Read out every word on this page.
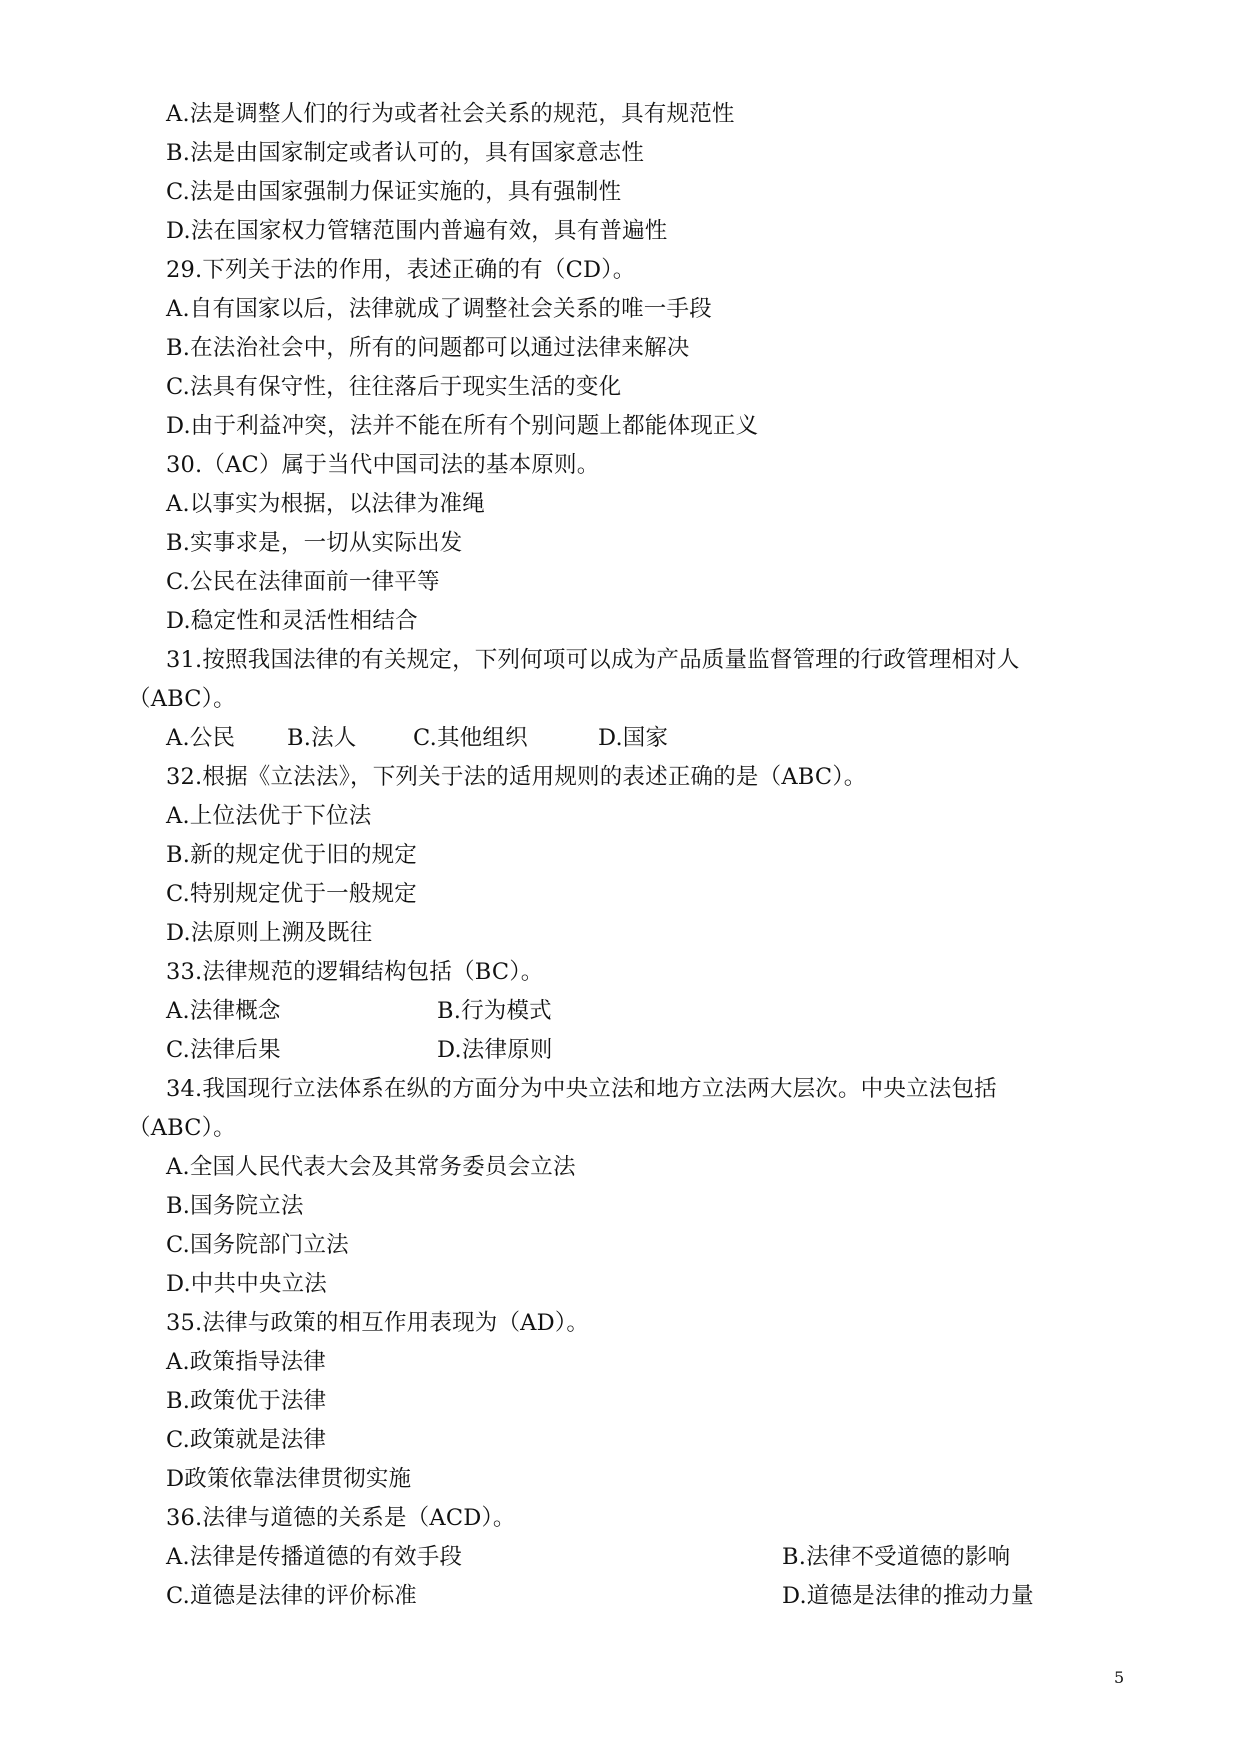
A.法是调整人们的行为或者社会关系的规范，具有规范性
B.法是由国家制定或者认可的，具有国家意志性
C.法是由国家强制力保证实施的，具有强制性
D.法在国家权力管辖范围内普遍有效，具有普遍性
29.下列关于法的作用，表述正确的有（CD）。
A.自有国家以后，法律就成了调整社会关系的唯一手段
B.在法治社会中，所有的问题都可以通过法律来解决
C.法具有保守性，往往落后于现实生活的变化
D.由于利益冲突，法并不能在所有个别问题上都能体现正义
30.（AC）属于当代中国司法的基本原则。
A.以事实为根据，以法律为准绳
B.实事求是，一切从实际出发
C.公民在法律面前一律平等
D.稳定性和灵活性相结合
31.按照我国法律的有关规定，下列何项可以成为产品质量监督管理的行政管理相对人
（ABC）。
A.公民 B.法人	C.其他组织	D.国家
32.根据《立法法》，下列关于法的适用规则的表述正确的是（ABC）。
A.上位法优于下位法
B.新的规定优于旧的规定
C.特别规定优于一般规定
D.法原则上溯及既往
33.法律规范的逻辑结构包括（BC）。
A.法律概念	B.行为模式
C.法律后果	D.法律原则
34.我国现行立法体系在纵的方面分为中央立法和地方立法两大层次。中央立法包括
（ABC）。
A.全国人民代表大会及其常务委员会立法
B.国务院立法
C.国务院部门立法
D.中共中央立法
35.法律与政策的相互作用表现为（AD）。
A.政策指导法律
B.政策优于法律
C.政策就是法律
D政策依靠法律贯彻实施
36.法律与道德的关系是（ACD）。
A.法律是传播道德的有效手段	B.法律不受道德的影响
C.道德是法律的评价标准	D.道德是法律的推动力量
5
